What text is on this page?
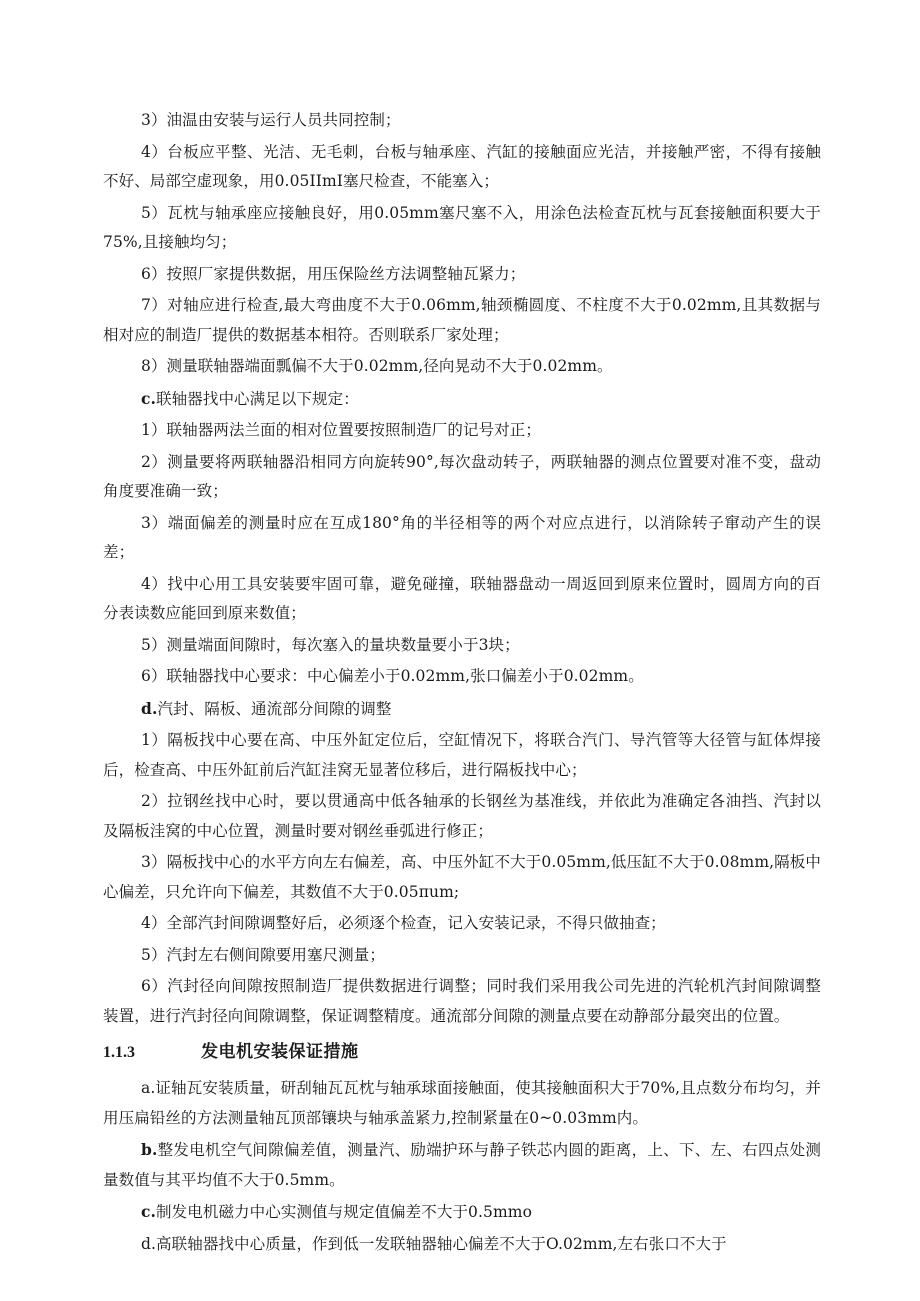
3）油温由安装与运行人员共同控制；
4）台板应平整、光洁、无毛刺，台板与轴承座、汽缸的接触面应光洁，并接触严密，不得有接触不好、局部空虚现象，用0.05IImI塞尺检查，不能塞入；
5）瓦枕与轴承座应接触良好，用0.05mm塞尺塞不入，用涂色法检查瓦枕与瓦套接触面积要大于75%,且接触均匀；
6）按照厂家提供数据，用压保险丝方法调整轴瓦紧力；
7）对轴应进行检查,最大弯曲度不大于0.06mm,轴颈椭圆度、不柱度不大于0.02mm,且其数据与相对应的制造厂提供的数据基本相符。否则联系厂家处理；
8）测量联轴器端面瓢偏不大于0.02mm,径向晃动不大于0.02mm。
c.联轴器找中心满足以下规定：
1）联轴器两法兰面的相对位置要按照制造厂的记号对正；
2）测量要将两联轴器沿相同方向旋转90°,每次盘动转子，两联轴器的测点位置要对准不变，盘动角度要准确一致；
3）端面偏差的测量时应在互成180°角的半径相等的两个对应点进行，以消除转子窜动产生的误差；
4）找中心用工具安装要牢固可靠，避免碰撞，联轴器盘动一周返回到原来位置时，圆周方向的百分表读数应能回到原来数值；
5）测量端面间隙时，每次塞入的量块数量要小于3块；
6）联轴器找中心要求：中心偏差小于0.02mm,张口偏差小于0.02mm。
d.汽封、隔板、通流部分间隙的调整
1）隔板找中心要在高、中压外缸定位后，空缸情况下，将联合汽门、导汽管等大径管与缸体焊接后，检查高、中压外缸前后汽缸洼窝无显著位移后，进行隔板找中心；
2）拉钢丝找中心时，要以贯通高中低各轴承的长钢丝为基准线，并依此为准确定各油挡、汽封以及隔板洼窝的中心位置，测量时要对钢丝垂弧进行修正；
3）隔板找中心的水平方向左右偏差，高、中压外缸不大于0.05mm,低压缸不大于0.08mm,隔板中心偏差，只允许向下偏差，其数值不大于0.05πum;
4）全部汽封间隙调整好后，必须逐个检查，记入安装记录，不得只做抽查；
5）汽封左右侧间隙要用塞尺测量；
6）汽封径向间隙按照制造厂提供数据进行调整；同时我们采用我公司先进的汽轮机汽封间隙调整装置，进行汽封径向间隙调整，保证调整精度。通流部分间隙的测量点要在动静部分最突出的位置。
1.1.3	发电机安装保证措施
a.证轴瓦安装质量，研刮轴瓦瓦枕与轴承球面接触面，使其接触面积大于70%,且点数分布均匀，并用压扁铅丝的方法测量轴瓦顶部镶块与轴承盖紧力,控制紧量在0~0.03mm内。
b.整发电机空气间隙偏差值，测量汽、励端护环与静子铁芯内圆的距离，上、下、左、右四点处测量数值与其平均值不大于0.5mm。
c.制发电机磁力中心实测值与规定值偏差不大于0.5mmo
d.高联轴器找中心质量，作到低一发联轴器轴心偏差不大于O.02mm,左右张口不大于
